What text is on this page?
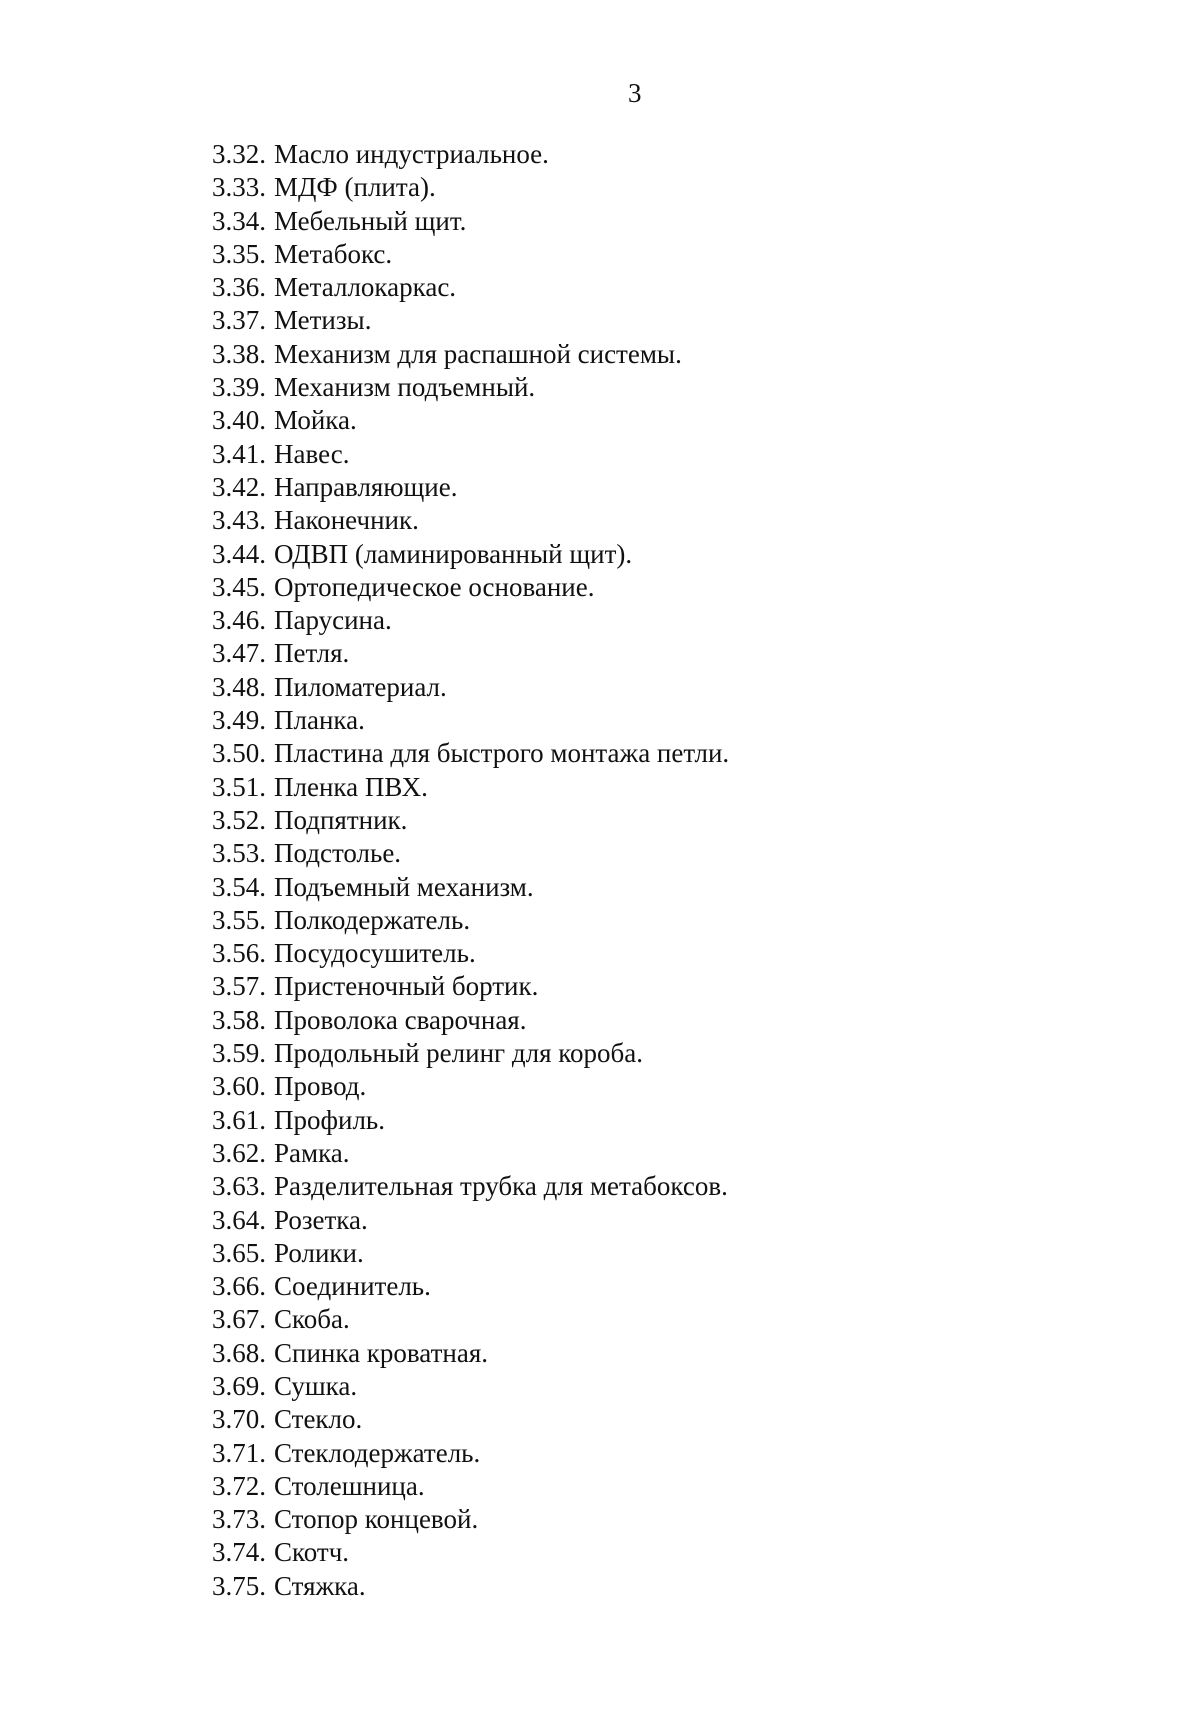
3
3.32. Масло индустриальное.
3.33. МДФ (плита).
3.34. Мебельный щит.
3.35. Метабокс.
3.36. Металлокаркас.
3.37. Метизы.
3.38. Механизм для распашной системы.
3.39. Механизм подъемный.
3.40. Мойка.
3.41. Навес.
3.42. Направляющие.
3.43. Наконечник.
3.44. ОДВП (ламинированный щит).
3.45. Ортопедическое основание.
3.46. Парусина.
3.47. Петля.
3.48. Пиломатериал.
3.49. Планка.
3.50. Пластина для быстрого монтажа петли.
3.51. Пленка ПВХ.
3.52. Подпятник.
3.53. Подстолье.
3.54. Подъемный механизм.
3.55. Полкодержатель.
3.56. Посудосушитель.
3.57. Пристеночный бортик.
3.58. Проволока сварочная.
3.59. Продольный релинг для короба.
3.60. Провод.
3.61. Профиль.
3.62. Рамка.
3.63. Разделительная трубка для метабоксов.
3.64. Розетка.
3.65. Ролики.
3.66. Соединитель.
3.67. Скоба.
3.68. Спинка кроватная.
3.69. Сушка.
3.70. Стекло.
3.71. Стеклодержатель.
3.72. Столешница.
3.73. Стопор концевой.
3.74. Скотч.
3.75. Стяжка.
